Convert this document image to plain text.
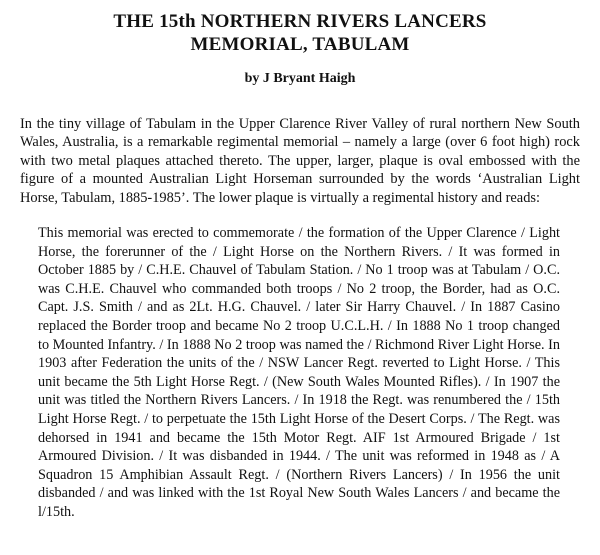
THE 15th NORTHERN RIVERS LANCERS
MEMORIAL, TABULAM
by J Bryant Haigh

In the tiny village of Tabulam in the Upper Clarence River Valley of rural northern New South Wales, Australia, is a remarkable regimental memorial – namely a large (over 6 foot high) rock with two metal plaques attached thereto. The upper, larger, plaque is oval embossed with the figure of a mounted Australian Light Horseman surrounded by the words ‘Australian Light Horse, Tabulam, 1885-1985’. The lower plaque is virtually a regimental history and reads:

This memorial was erected to commemorate / the formation of the Upper Clarence / Light Horse, the forerunner of the / Light Horse on the Northern Rivers. / It was formed in October 1885 by / C.H.E. Chauvel of Tabulam Station. / No 1 troop was at Tabulam / O.C. was C.H.E. Chauvel who commanded both troops / No 2 troop, the Border, had as O.C. Capt. J.S. Smith / and as 2Lt. H.G. Chauvel. / later Sir Harry Chauvel. / In 1887 Casino replaced the Border troop and became No 2 troop U.C.L.H. / In 1888 No 1 troop changed to Mounted Infantry. / In 1888 No 2 troop was named the / Richmond River Light Horse. In 1903 after Federation the units of the / NSW Lancer Regt. reverted to Light Horse. / This unit became the 5th Light Horse Regt. / (New South Wales Mounted Rifles). / In 1907 the unit was titled the Northern Rivers Lancers. / In 1918 the Regt. was renumbered the / 15th Light Horse Regt. / to perpetuate the 15th Light Horse of the Desert Corps. / The Regt. was dehorsed in 1941 and became the 15th Motor Regt. AIF 1st Armoured Brigade / 1st Armoured Division. / It was disbanded in 1944. / The unit was reformed in 1948 as / A Squadron 15 Amphibian Assault Regt. / (Northern Rivers Lancers) / In 1956 the unit disbanded / and was linked with the 1st Royal New South Wales Lancers / and became the l/15th.
